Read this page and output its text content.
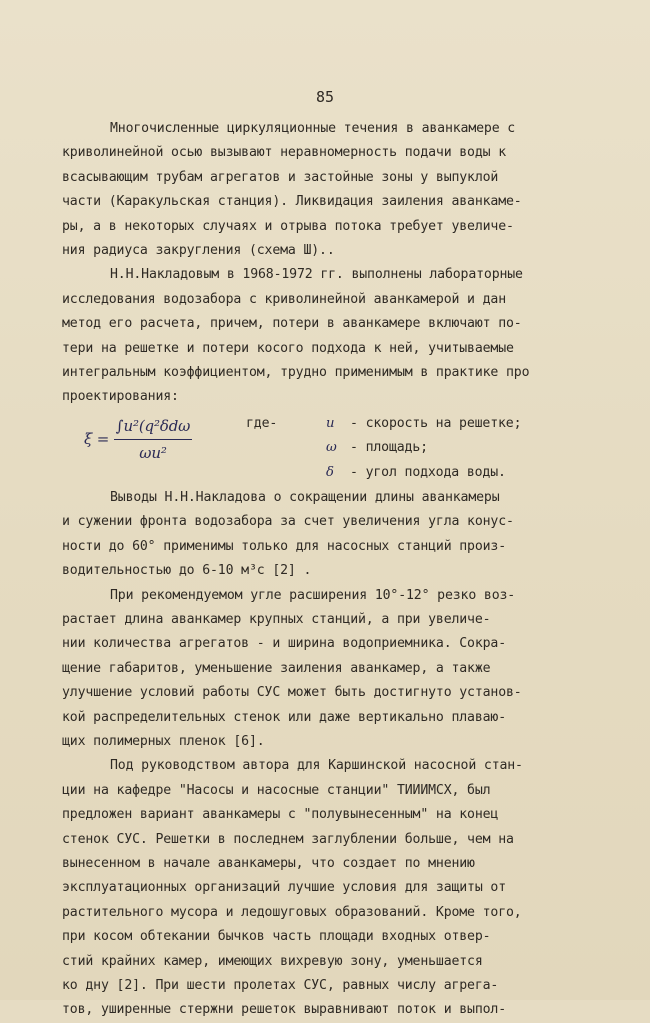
85
Многочисленные циркуляционные течения в аванкамере с
криволинейной осью вызывают неравномерность подачи воды к
всасывающим трубам агрегатов и застойные зоны у выпуклой
части (Каракульская станция). Ликвидация заиления аванкаме-
ры, а в некоторых случаях и отрыва потока требует увеличе-
ния радиуса закругления (схема Ш)..
Н.Н.Накладовым в 1968-1972 гг. выполнены лабораторные
исследования водозабора с криволинейной аванкамерой и дан
метод его расчета, причем, потери в аванкамере включают по-
тери на решетке и потери косого подхода к ней, учитываемые
интегральным коэффициентом, трудно применимым в практике про
проектирования:
$\xi = \frac{\text{∫u²(q²δdω}}{\text{ωu²}}$	где-	u - скорость на решетке;
ω - площадь;
δ - угол подхода воды.
Выводы Н.Н.Накладова о сокращении длины аванкамеры
и сужении фронта водозабора за счет увеличения угла конус-
ности до 60° применимы только для насосных станций произ-
водительностью до 6-10 м³с [2] .
При рекомендуемом угле расширения 10°-12° резко воз-
растает длина аванкамер крупных станций, а при увеличе-
нии количества агрегатов - и ширина водоприемника. Сокра-
щение габаритов, уменьшение заиления аванкамер, а также
улучшение условий работы СУС может быть достигнуто установ-
кой распределительных стенок или даже вертикально плаваю-
щих полимерных пленок [6].
Под руководством автора для Каршинской насосной стан-
ции на кафедре "Насосы и насосные станции" ТИИИМСХ, был
предложен вариант аванкамеры с "полувынесенным" на конец
стенок СУС. Решетки в последнем заглублении больше, чем на
вынесенном в начале аванкамеры, что создает по мнению
эксплуатационных организаций лучшие условия для защиты от
растительного мусора и ледошуговых образований. Кроме того,
при косом обтекании бычков часть площади входных отвер-
стий крайних камер, имеющих вихревую зону, уменьшается
ко дну [2]. При шести пролетах СУС, равных числу агрега-
тов, уширенные стержни решеток выравнивают поток и выпол-
